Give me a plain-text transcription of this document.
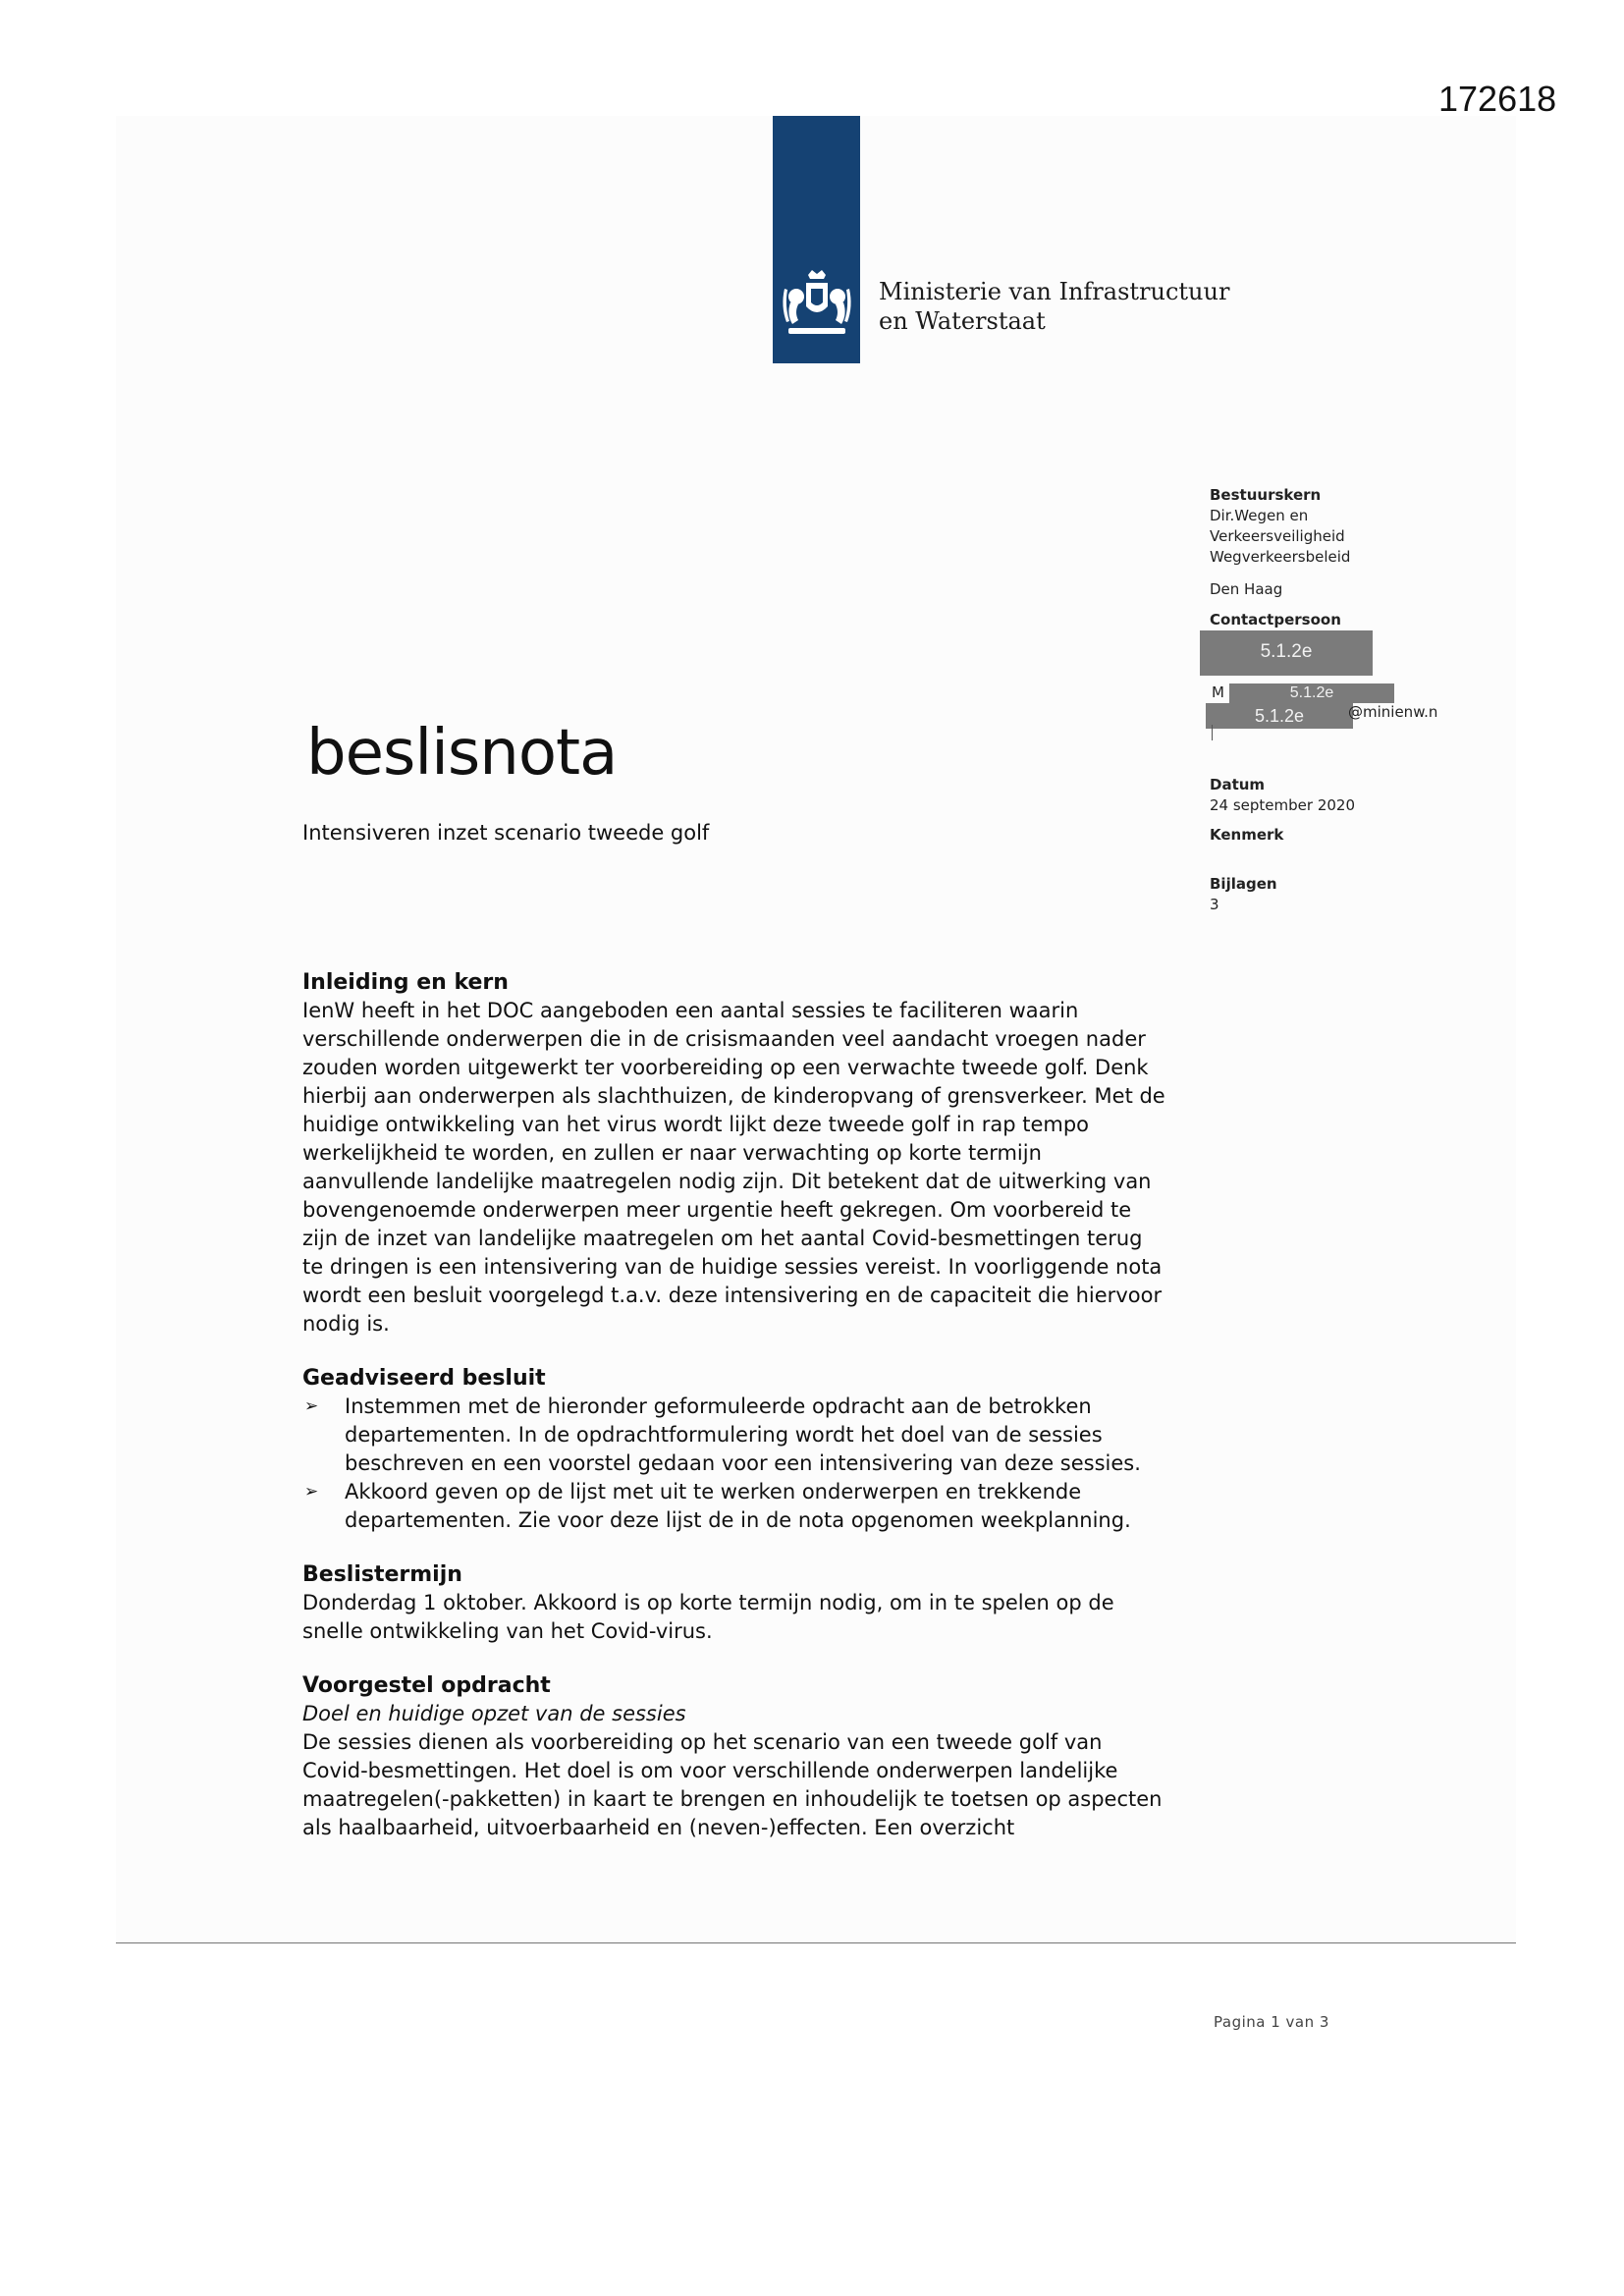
172618
Ministerie van Infrastructuur
en Waterstaat
Bestuurskern
Dir.Wegen en
Verkeersveiligheid
Wegverkeersbeleid
Den Haag
Contactpersoon
Datum
24 september 2020
Kenmerk
Bijlagen
3
5.1.2e
M	5.1.2e
5.1.2e	@minienw.n
beslisnota
Intensiveren inzet scenario tweede golf
Inleiding en kern

IenW heeft in het DOC aangeboden een aantal sessies te faciliteren waarin verschillende onderwerpen die in de crisismaanden veel aandacht vroegen nader zouden worden uitgewerkt ter voorbereiding op een verwachte tweede golf. Denk hierbij aan onderwerpen als slachthuizen, de kinderopvang of grensverkeer. Met de huidige ontwikkeling van het virus wordt lijkt deze tweede golf in rap tempo werkelijkheid te worden, en zullen er naar verwachting op korte termijn aanvullende landelijke maatregelen nodig zijn. Dit betekent dat de uitwerking van bovengenoemde onderwerpen meer urgentie heeft gekregen. Om voorbereid te zijn de inzet van landelijke maatregelen om het aantal Covid-besmettingen terug te dringen is een intensivering van de huidige sessies vereist. In voorliggende nota wordt een besluit voorgelegd t.a.v. deze intensivering en de capaciteit die hiervoor nodig is.

Geadviseerd besluit
➢ Instemmen met de hieronder geformuleerde opdracht aan de betrokken departementen. In de opdrachtformulering wordt het doel van de sessies beschreven en een voorstel gedaan voor een intensivering van deze sessies.
➢ Akkoord geven op de lijst met uit te werken onderwerpen en trekkende departementen. Zie voor deze lijst de in de nota opgenomen weekplanning.
Beslistermijn

Donderdag 1 oktober. Akkoord is op korte termijn nodig, om in te spelen op de snelle ontwikkeling van het Covid-virus.

Voorgestel opdracht

Doel en huidige opzet van de sessies

De sessies dienen als voorbereiding op het scenario van een tweede golf van Covid-besmettingen. Het doel is om voor verschillende onderwerpen landelijke maatregelen(-pakketten) in kaart te brengen en inhoudelijk te toetsen op aspecten als haalbaarheid, uitvoerbaarheid en (neven-)effecten. Een overzicht

Pagina 1 van 3
